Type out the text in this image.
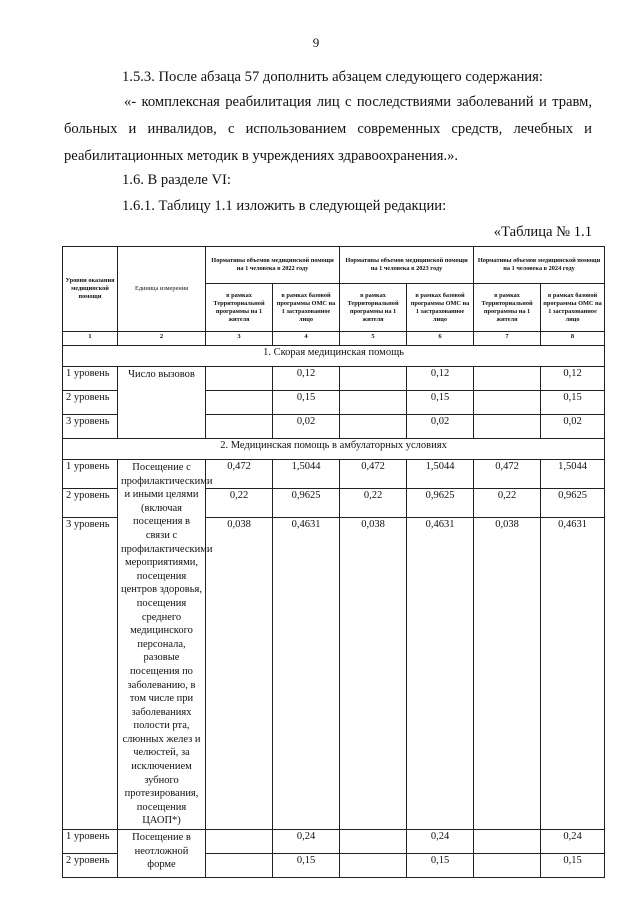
9
1.5.3. После абзаца 57 дополнить абзацем следующего содержания:
«- комплексная реабилитация лиц с последствиями заболеваний и травм, больных и инвалидов, с использованием современных средств, лечебных и реабилитационных методик в учреждениях здравоохранения.».
1.6. В разделе VI:
1.6.1. Таблицу 1.1 изложить в следующей редакции:
«Таблица № 1.1
Уровни оказания медицинской помощи	Единица измерения	Нормативы объемов медицинской помощи на 1 человека в 2022 году		Нормативы объемов медицинской помощи на 1 человека в 2023 году		Нормативы объемов медицинской помощи на 1 человека в 2024 году	
		в рамках Территориальной программы на 1 жителя	в рамках базовой программы ОМС на 1 застрахованное лицо	в рамках Территориальной программы на 1 жителя	в рамках базовой программы ОМС на 1 застрахованное лицо	в рамках Территориальной программы на 1 жителя	в рамках базовой программы ОМС на 1 застрахованное лицо
1	2	3	4	5	6	7	8
1. Скорая медицинская помощь							
1 уровень	Число вызовов		0,12		0,12		0,12
2 уровень			0,15		0,15		0,15
3 уровень			0,02		0,02		0,02
2. Медицинская помощь в амбулаторных условиях							
1 уровень	Посещение с профилактическими и иными целями (включая посещения в связи с профилактическими мероприятиями, посещения центров здоровья, посещения среднего медицинского персонала, разовые посещения по заболеванию, в том числе при заболеваниях полости рта, слюнных желез и челюстей, за исключением зубного протезирования, посещения ЦАОП*)	0,472	1,5044	0,472	1,5044	0,472	1,5044
2 уровень		0,22	0,9625	0,22	0,9625	0,22	0,9625
3 уровень		0,038	0,4631	0,038	0,4631	0,038	0,4631
1 уровень	Посещение в неотложной форме		0,24		0,24		0,24
2 уровень			0,15		0,15		0,15
